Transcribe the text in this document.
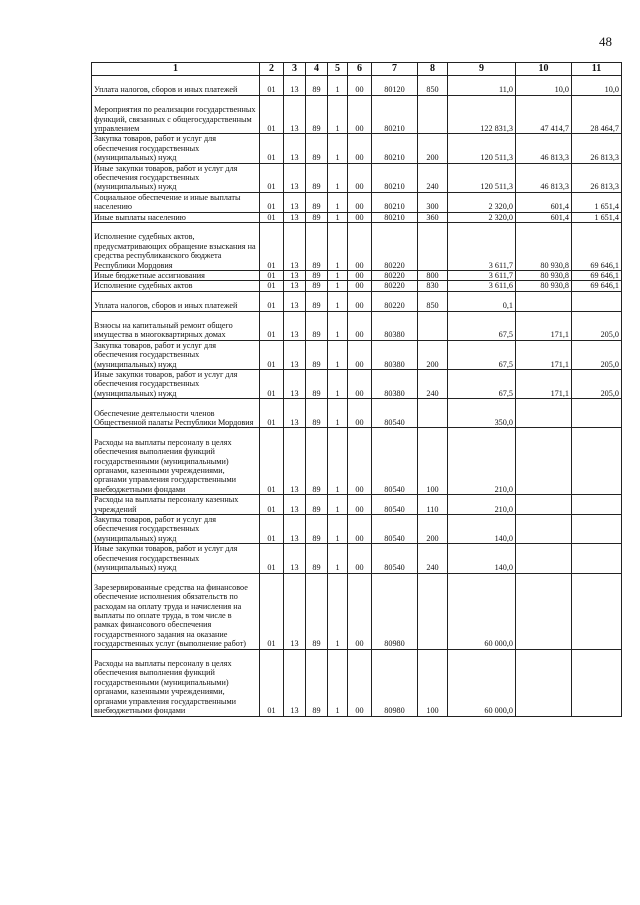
48
1	2	3	4	5	6	7	8	9	10	11
Уплата налогов, сборов и иных платежей	01	13	89	1	00	80120	850	11,0	10,0	10,0
Мероприятия по реализации государственных функций, связанных с общегосударственным управлением	01	13	89	1	00	80210		122 831,3	47 414,7	28 464,7
Закупка товаров, работ и услуг для обеспечения государственных (муниципальных) нужд	01	13	89	1	00	80210	200	120 511,3	46 813,3	26 813,3
Иные закупки товаров, работ и услуг для обеспечения государственных (муниципальных) нужд	01	13	89	1	00	80210	240	120 511,3	46 813,3	26 813,3
Социальное обеспечение и иные выплаты населению	01	13	89	1	00	80210	300	2 320,0	601,4	1 651,4
Иные выплаты населению	01	13	89	1	00	80210	360	2 320,0	601,4	1 651,4
Исполнение судебных актов, предусматривающих обращение взыскания на средства республиканского бюджета Республики Мордовия	01	13	89	1	00	80220		3 611,7	80 930,8	69 646,1
Иные бюджетные ассигнования	01	13	89	1	00	80220	800	3 611,7	80 930,8	69 646,1
Исполнение судебных актов	01	13	89	1	00	80220	830	3 611,6	80 930,8	69 646,1
Уплата налогов, сборов и иных платежей	01	13	89	1	00	80220	850	0,1		
Взносы на капитальный ремонт общего имущества в многоквартирных домах	01	13	89	1	00	80380		67,5	171,1	205,0
Закупка товаров, работ и услуг для обеспечения государственных (муниципальных) нужд	01	13	89	1	00	80380	200	67,5	171,1	205,0
Иные закупки товаров, работ и услуг для обеспечения государственных (муниципальных) нужд	01	13	89	1	00	80380	240	67,5	171,1	205,0
Обеспечение деятельности членов Общественной палаты Республики Мордовия	01	13	89	1	00	80540		350,0		
Расходы на выплаты персоналу в целях обеспечения выполнения функций государственными (муниципальными) органами, казенными учреждениями, органами управления государственными внебюджетными фондами	01	13	89	1	00	80540	100	210,0		
Расходы на выплаты персоналу казенных учреждений	01	13	89	1	00	80540	110	210,0		
Закупка товаров, работ и услуг для обеспечения государственных (муниципальных) нужд	01	13	89	1	00	80540	200	140,0		
Иные закупки товаров, работ и услуг для обеспечения государственных (муниципальных) нужд	01	13	89	1	00	80540	240	140,0		
Зарезервированные средства на финансовое обеспечение исполнения обязательств по расходам на оплату труда и начисления на выплаты по оплате труда, в том числе в рамках финансового обеспечения государственного задания на оказание государственных услуг (выполнение работ)	01	13	89	1	00	80980		60 000,0		
Расходы на выплаты персоналу в целях обеспечения выполнения функций государственными (муниципальными) органами, казенными учреждениями, органами управления государственными внебюджетными фондами	01	13	89	1	00	80980	100	60 000,0		
